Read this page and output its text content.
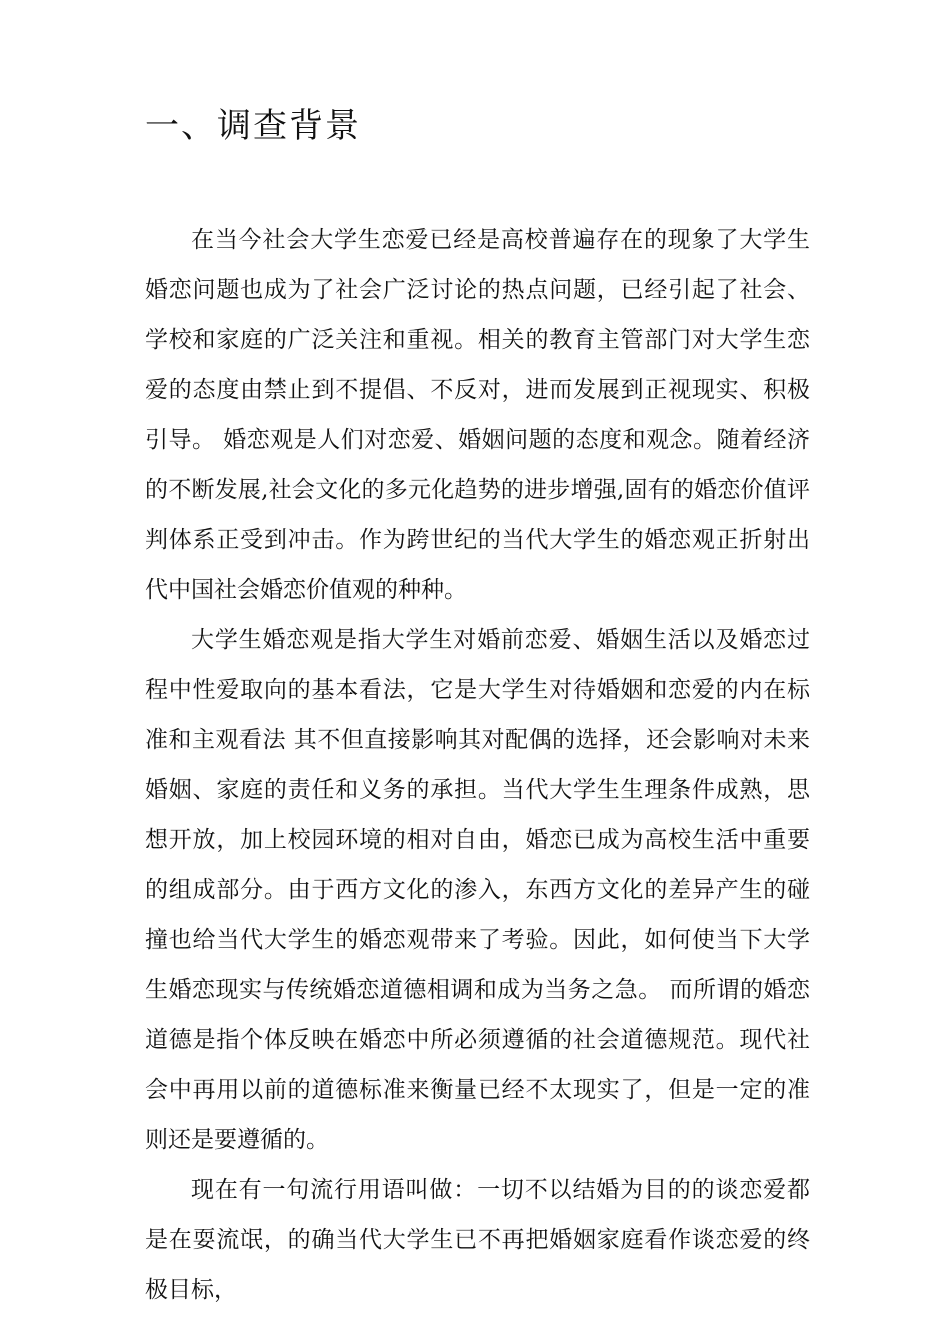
一、调查背景

在当今社会大学生恋爱已经是高校普遍存在的现象了大学生婚恋问题也成为了社会广泛讨论的热点问题，已经引起了社会、学校和家庭的广泛关注和重视。相关的教育主管部门对大学生恋爱的态度由禁止到不提倡、不反对，进而发展到正视现实、积极引导。 婚恋观是人们对恋爱、婚姻问题的态度和观念。随着经济的不断发展,社会文化的多元化趋势的进步增强,固有的婚恋价值评判体系正受到冲击。作为跨世纪的当代大学生的婚恋观正折射出代中国社会婚恋价值观的种种。

大学生婚恋观是指大学生对婚前恋爱、婚姻生活以及婚恋过程中性爱取向的基本看法，它是大学生对待婚姻和恋爱的内在标准和主观看法 其不但直接影响其对配偶的选择，还会影响对未来婚姻、家庭的责任和义务的承担。当代大学生生理条件成熟，思想开放，加上校园环境的相对自由，婚恋已成为高校生活中重要的组成部分。由于西方文化的渗入，东西方文化的差异产生的碰撞也给当代大学生的婚恋观带来了考验。因此，如何使当下大学生婚恋现实与传统婚恋道德相调和成为当务之急。 而所谓的婚恋道德是指个体反映在婚恋中所必须遵循的社会道德规范。现代社会中再用以前的道德标准来衡量已经不太现实了，但是一定的准则还是要遵循的。

现在有一句流行用语叫做：一切不以结婚为目的的谈恋爱都是在耍流氓，的确当代大学生已不再把婚姻家庭看作谈恋爱的终极目标，
